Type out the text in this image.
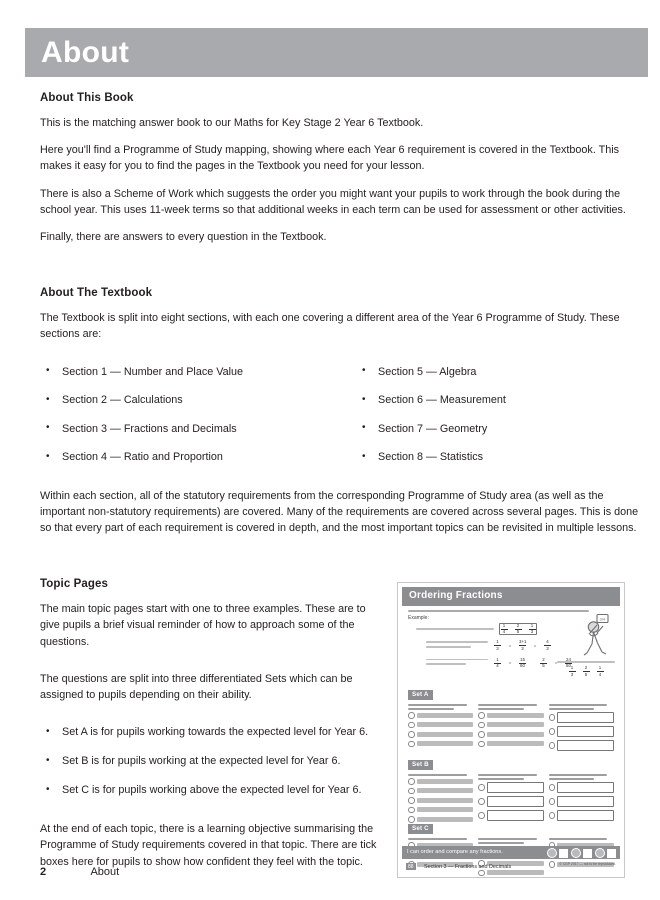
About
About This Book

This is the matching answer book to our Maths for Key Stage 2 Year 6 Textbook.

Here you'll find a Programme of Study mapping, showing where each Year 6 requirement is covered in the Textbook. This makes it easy for you to find the pages in the Textbook you need for your lesson.

There is also a Scheme of Work which suggests the order you might want your pupils to work through the book during the school year. This uses 11-week terms so that additional weeks in each term can be used for assessment or other activities.

Finally, there are answers to every question in the Textbook.

About The Textbook

The Textbook is split into eight sections, with each one covering a different area of the Year 6 Programme of Study. These sections are:

• Section 1 — Number and Place Value
• Section 2 — Calculations
• Section 3 — Fractions and Decimals
• Section 4 — Ratio and Proportion
• Section 5 — Algebra
• Section 6 — Measurement
• Section 7 — Geometry
• Section 8 — Statistics

Within each section, all of the statutory requirements from the corresponding Programme of Study area (as well as the important non-statutory requirements) are covered. Many of the requirements are covered across several pages. This is done so that every part of each requirement is covered in depth, and the most important topics can be revisited in multiple lessons.

Topic Pages

The main topic pages start with one to three examples. These are to give pupils a brief visual reminder of how to approach some of the questions.

The questions are split into three differentiated Sets which can be assigned to pupils depending on their ability.

• Set A is for pupils working towards the expected level for Year 6.
• Set B is for pupils working at the expected level for Year 6.
• Set C is for pupils working above the expected level for Year 6.

At the end of each topic, there is a learning objective summarising the Programme of Study requirements covered in that topic. There are tick boxes here for pupils to show how confident they feel with the topic.

Ordering Fractions
Example:
$\frac{1}{4} \frac{2}{5} \frac{1}{3}$
$\frac{1}{3} = \frac{3+1}{3} = \frac{4}{3}$
$\frac{1}{4} = \frac{15}{60}$	$\frac{2}{5} = \frac{24}{60}$
3/4
$\frac{1}{3} \frac{2}{5} \frac{1}{4}$
Set A
Set B
Set C
I can order and compare any fractions.
88	Section 3 — Fractions and Decimals	© CGP 2017 — not to be reproduced.
2	About
